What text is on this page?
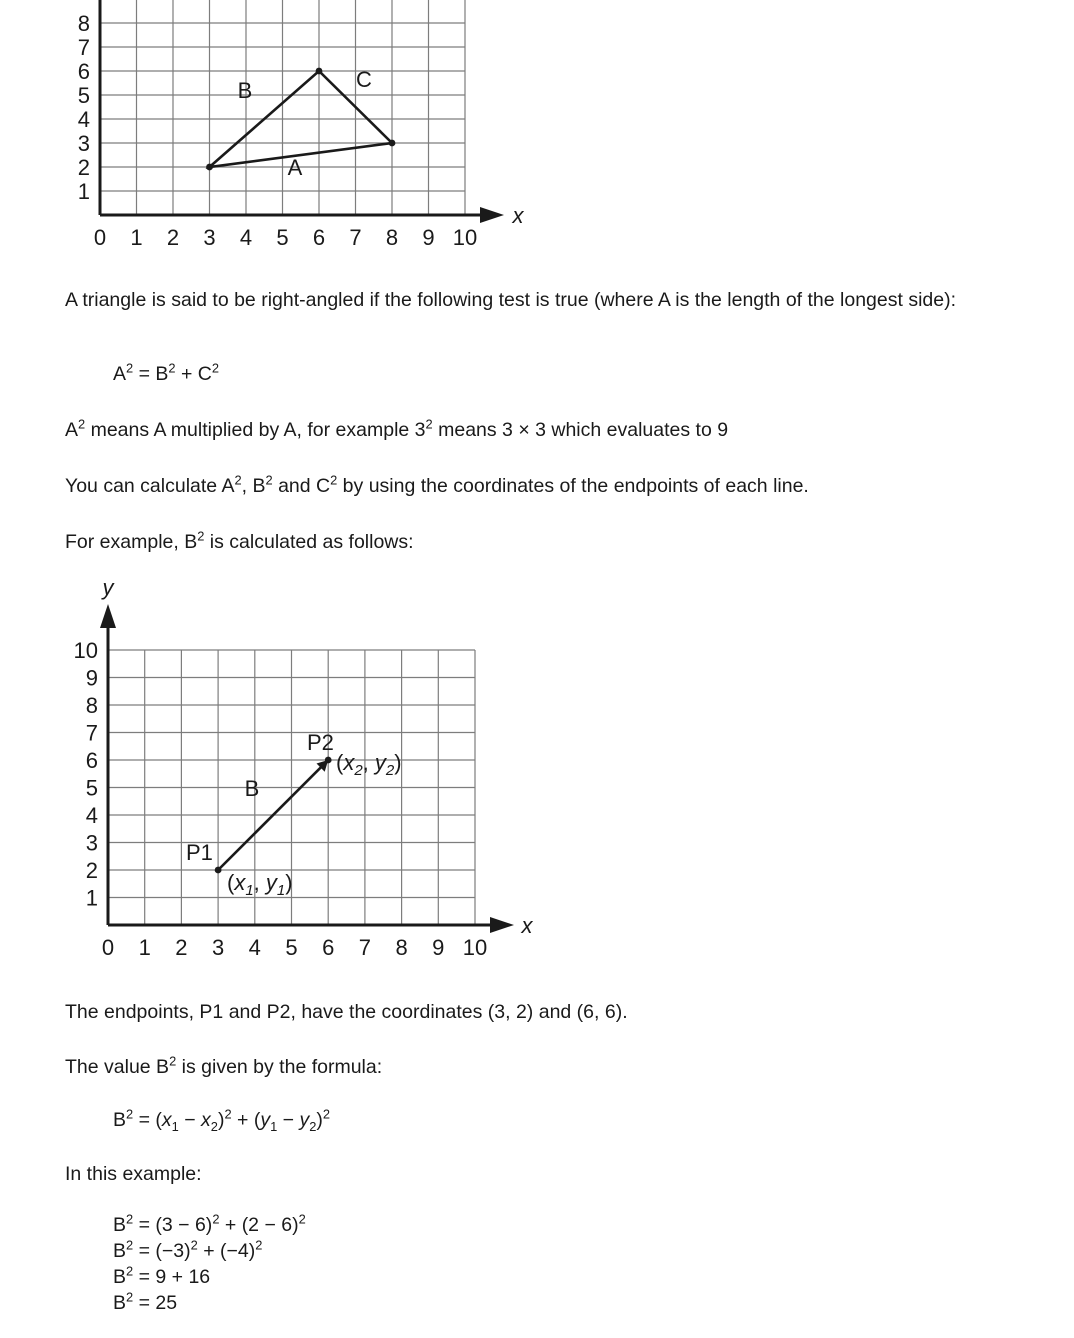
A
B	C
1
2
3
4
5
6
7
8
0 1 2 3 4 5 6 7 8 9 10
x
A triangle is said to be right-angled if the following test is true (where A is the length of the longest side):
$A^2 = B^2 + C^2$
$A^2$ means A multiplied by A, for example $3^2$ means 3 × 3 which evaluates to 9
You can calculate $A^2$, $B^2$ and $C^2$ by using the coordinates of the endpoints of each line.
For example, $B^2$ is calculated as follows:
B
P1
P2
($x_1$, $y_1$)
($x_2$, $y_2$)
1
2
3
4
5
6
7
8
9
10
0 1 2 3 4 5 6 7 8 9 10
x
y
The endpoints, P1 and P2, have the coordinates (3, 2) and (6, 6).
The value $B^2$ is given by the formula:
$B^2 = (x_1 - x_2)^2 + (y_1 - y_2)^2$
In this example:
$B^2 = (3 - 6)^2 + (2 - 6)^2$
$B^2 = (-3)^2 + (-4)^2$
$B^2 = 9 + 16$
$B^2 = 25$
